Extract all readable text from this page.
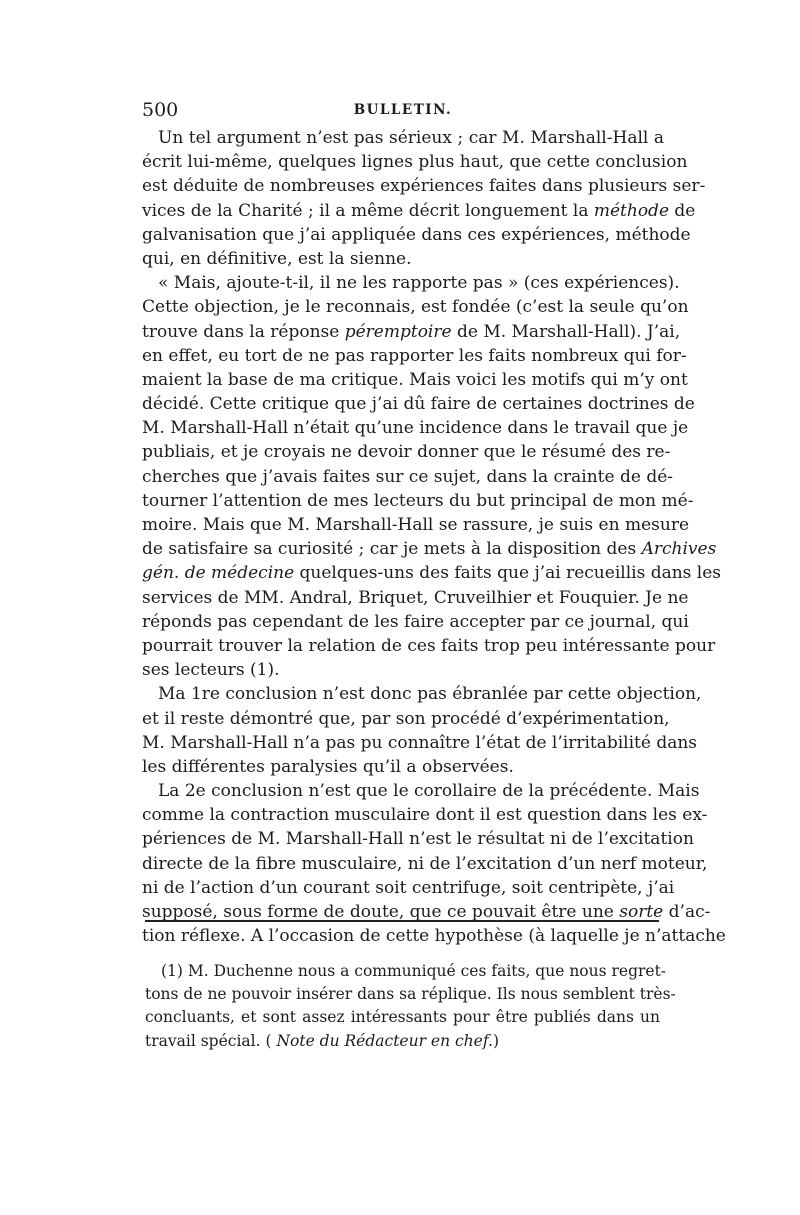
500	BULLETIN.
Un tel argument n’est pas sérieux ; car M. Marshall-Hall a
écrit lui-même, quelques lignes plus haut, que cette conclusion
est déduite de nombreuses expériences faites dans plusieurs ser-
vices de la Charité ; il a même décrit longuement la méthode de
galvanisation que j’ai appliquée dans ces expériences, méthode
qui, en définitive, est la sienne.
« Mais, ajoute-t-il, il ne les rapporte pas » (ces expériences).
Cette objection, je le reconnais, est fondée (c’est la seule qu’on
trouve dans la réponse péremptoire de M. Marshall-Hall). J’ai,
en effet, eu tort de ne pas rapporter les faits nombreux qui for-
maient la base de ma critique. Mais voici les motifs qui m’y ont
décidé. Cette critique que j’ai dû faire de certaines doctrines de
M. Marshall-Hall n’était qu’une incidence dans le travail que je
publiais, et je croyais ne devoir donner que le résumé des re-
cherches que j’avais faites sur ce sujet, dans la crainte de dé-
tourner l’attention de mes lecteurs du but principal de mon mé-
moire. Mais que M. Marshall-Hall se rassure, je suis en mesure
de satisfaire sa curiosité ; car je mets à la disposition des Archives
gén. de médecine quelques-uns des faits que j’ai recueillis dans les
services de MM. Andral, Briquet, Cruveilhier et Fouquier. Je ne
réponds pas cependant de les faire accepter par ce journal, qui
pourrait trouver la relation de ces faits trop peu intéressante pour
ses lecteurs (1).
Ma 1re conclusion n’est donc pas ébranlée par cette objection,
et il reste démontré que, par son procédé d’expérimentation,
M. Marshall-Hall n’a pas pu connaître l’état de l’irritabilité dans
les différentes paralysies qu’il a observées.
La 2e conclusion n’est que le corollaire de la précédente. Mais
comme la contraction musculaire dont il est question dans les ex-
périences de M. Marshall-Hall n’est le résultat ni de l’excitation
directe de la fibre musculaire, ni de l’excitation d’un nerf moteur,
ni de l’action d’un courant soit centrifuge, soit centripète, j’ai
supposé, sous forme de doute, que ce pouvait être une sorte d’ac-
tion réflexe. A l’occasion de cette hypothèse (à laquelle je n’attache
(1) M. Duchenne nous a communiqué ces faits, que nous regret-
tons de ne pouvoir insérer dans sa réplique. Ils nous semblent très-
concluants, et sont assez intéressants pour être publiés dans un
travail spécial. ( Note du Rédacteur en chef.)
